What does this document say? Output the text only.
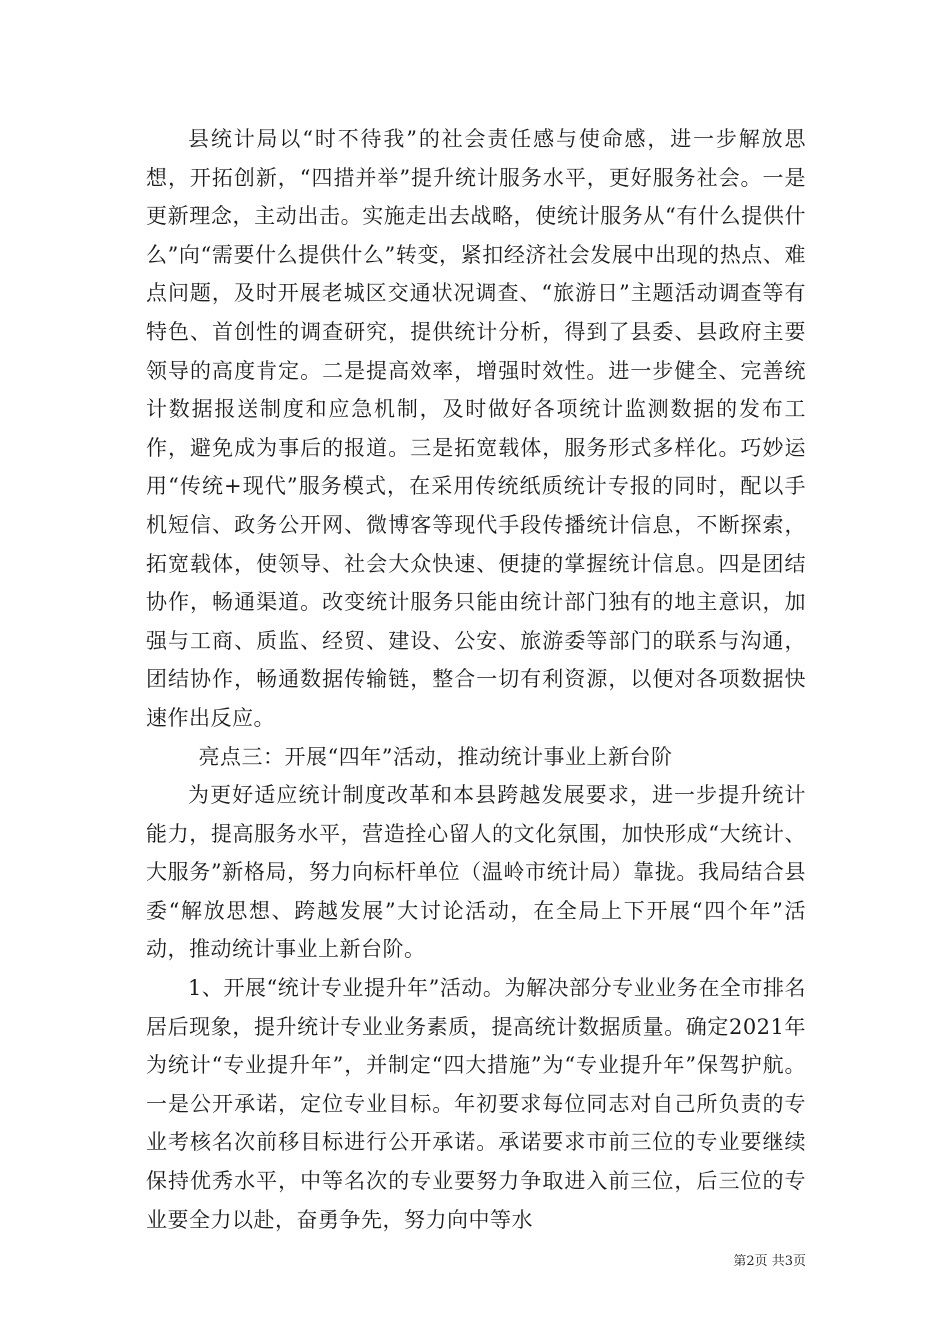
县统计局以“时不待我”的社会责任感与使命感，进一步解放思想，开拓创新，“四措并举”提升统计服务水平，更好服务社会。一是更新理念，主动出击。实施走出去战略，使统计服务从“有什么提供什么”向“需要什么提供什么”转变，紧扣经济社会发展中出现的热点、难点问题，及时开展老城区交通状况调查、“旅游日”主题活动调查等有特色、首创性的调查研究，提供统计分析，得到了县委、县政府主要领导的高度肯定。二是提高效率，增强时效性。进一步健全、完善统计数据报送制度和应急机制，及时做好各项统计监测数据的发布工作，避免成为事后的报道。三是拓宽载体，服务形式多样化。巧妙运用“传统+现代”服务模式，在采用传统纸质统计专报的同时，配以手机短信、政务公开网、微博客等现代手段传播统计信息，不断探索，拓宽载体，使领导、社会大众快速、便捷的掌握统计信息。四是团结协作，畅通渠道。改变统计服务只能由统计部门独有的地主意识，加强与工商、质监、经贸、建设、公安、旅游委等部门的联系与沟通，团结协作，畅通数据传输链，整合一切有利资源，以便对各项数据快速作出反应。

亮点三：开展“四年”活动，推动统计事业上新台阶

为更好适应统计制度改革和本县跨越发展要求，进一步提升统计能力，提高服务水平，营造拴心留人的文化氛围，加快形成“大统计、大服务”新格局，努力向标杆单位（温岭市统计局）靠拢。我局结合县委“解放思想、跨越发展”大讨论活动，在全局上下开展“四个年”活动，推动统计事业上新台阶。

1、开展“统计专业提升年”活动。为解决部分专业业务在全市排名居后现象，提升统计专业业务素质，提高统计数据质量。确定2021年为统计“专业提升年”，并制定“四大措施”为“专业提升年”保驾护航。一是公开承诺，定位专业目标。年初要求每位同志对自己所负责的专业考核名次前移目标进行公开承诺。承诺要求市前三位的专业要继续保持优秀水平，中等名次的专业要努力争取进入前三位，后三位的专业要全力以赴，奋勇争先，努力向中等水

第2页 共3页
